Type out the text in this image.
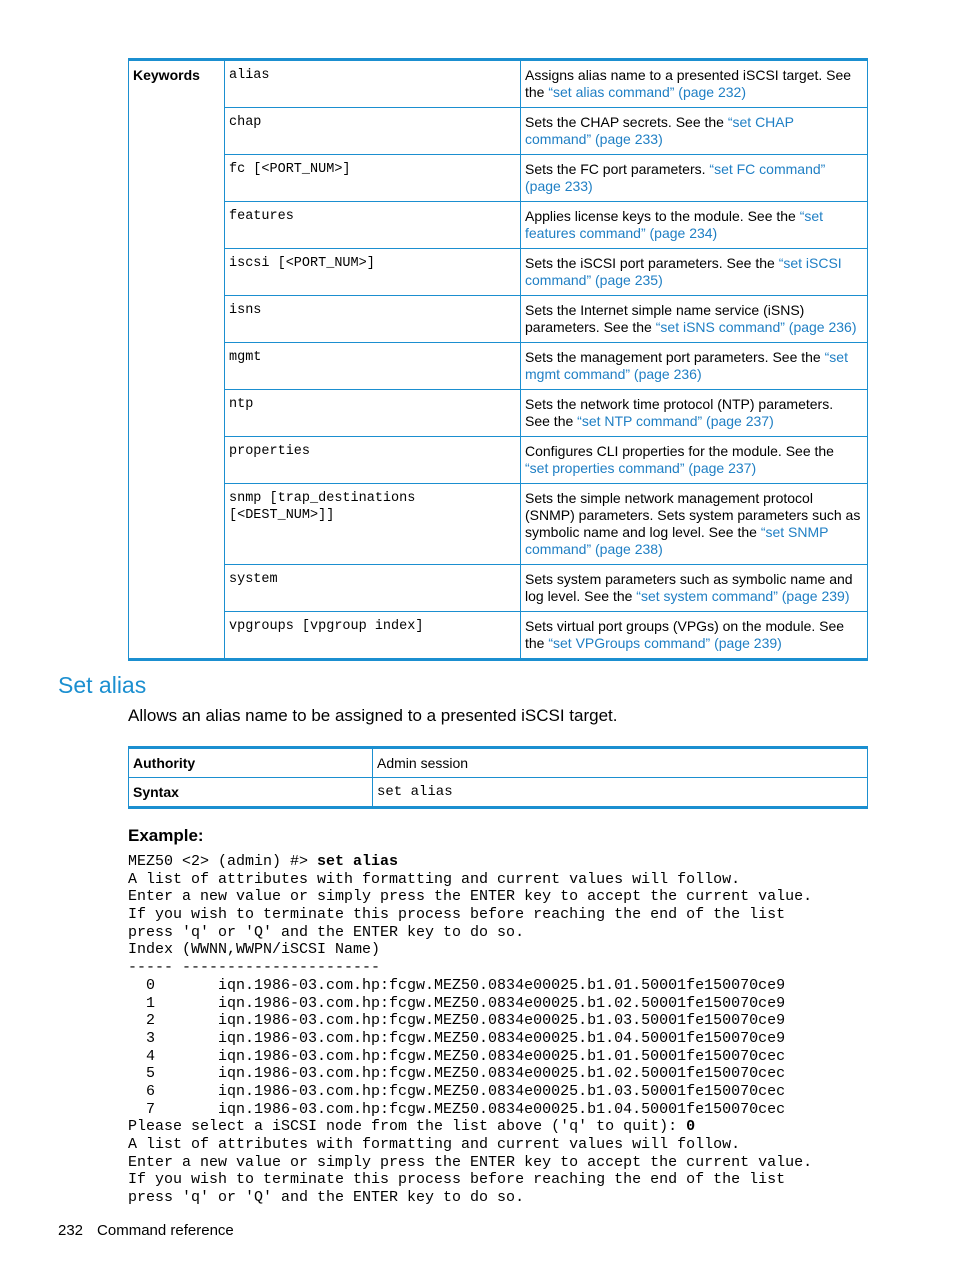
Keywords	alias	Assigns alias name to a presented iSCSI target. See the “set alias command” (page 232)
	chap	Sets the CHAP secrets. See the “set CHAP command” (page 233)
	fc [<PORT_NUM>]	Sets the FC port parameters. “set FC command” (page 233)
	features	Applies license keys to the module. See the “set features command” (page 234)
	iscsi [<PORT_NUM>]	Sets the iSCSI port parameters. See the “set iSCSI command” (page 235)
	isns	Sets the Internet simple name service (iSNS) parameters. See the “set iSNS command” (page 236)
	mgmt	Sets the management port parameters. See the “set mgmt command” (page 236)
	ntp	Sets the network time protocol (NTP) parameters. See the “set NTP command” (page 237)
	properties	Configures CLI properties for the module. See the “set properties command” (page 237)
	snmp [trap_destinations [<DEST_NUM>]]	Sets the simple network management protocol (SNMP) parameters. Sets system parameters such as symbolic name and log level. See the “set SNMP command” (page 238)
	system	Sets system parameters such as symbolic name and log level. See the “set system command” (page 239)
	vpgroups [vpgroup index]	Sets virtual port groups (VPGs) on the module. See the “set VPGroups command” (page 239)
Set alias
Allows an alias name to be assigned to a presented iSCSI target.
Authority	Admin session
Syntax	set alias
Example:
MEZ50 <2> (admin) #> set alias
A list of attributes with formatting and current values will follow.
Enter a new value or simply press the ENTER key to accept the current value.
If you wish to terminate this process before reaching the end of the list
press 'q' or 'Q' and the ENTER key to do so.
Index (WWNN,WWPN/iSCSI Name)
----- ----------------------
0       iqn.1986-03.com.hp:fcgw.MEZ50.0834e00025.b1.01.50001fe150070ce9
1       iqn.1986-03.com.hp:fcgw.MEZ50.0834e00025.b1.02.50001fe150070ce9
2       iqn.1986-03.com.hp:fcgw.MEZ50.0834e00025.b1.03.50001fe150070ce9
3       iqn.1986-03.com.hp:fcgw.MEZ50.0834e00025.b1.04.50001fe150070ce9
4       iqn.1986-03.com.hp:fcgw.MEZ50.0834e00025.b1.01.50001fe150070cec
5       iqn.1986-03.com.hp:fcgw.MEZ50.0834e00025.b1.02.50001fe150070cec
6       iqn.1986-03.com.hp:fcgw.MEZ50.0834e00025.b1.03.50001fe150070cec
7       iqn.1986-03.com.hp:fcgw.MEZ50.0834e00025.b1.04.50001fe150070cec
Please select a iSCSI node from the list above ('q' to quit): 0
A list of attributes with formatting and current values will follow.
Enter a new value or simply press the ENTER key to accept the current value.
If you wish to terminate this process before reaching the end of the list
press 'q' or 'Q' and the ENTER key to do so.
232 Command reference
